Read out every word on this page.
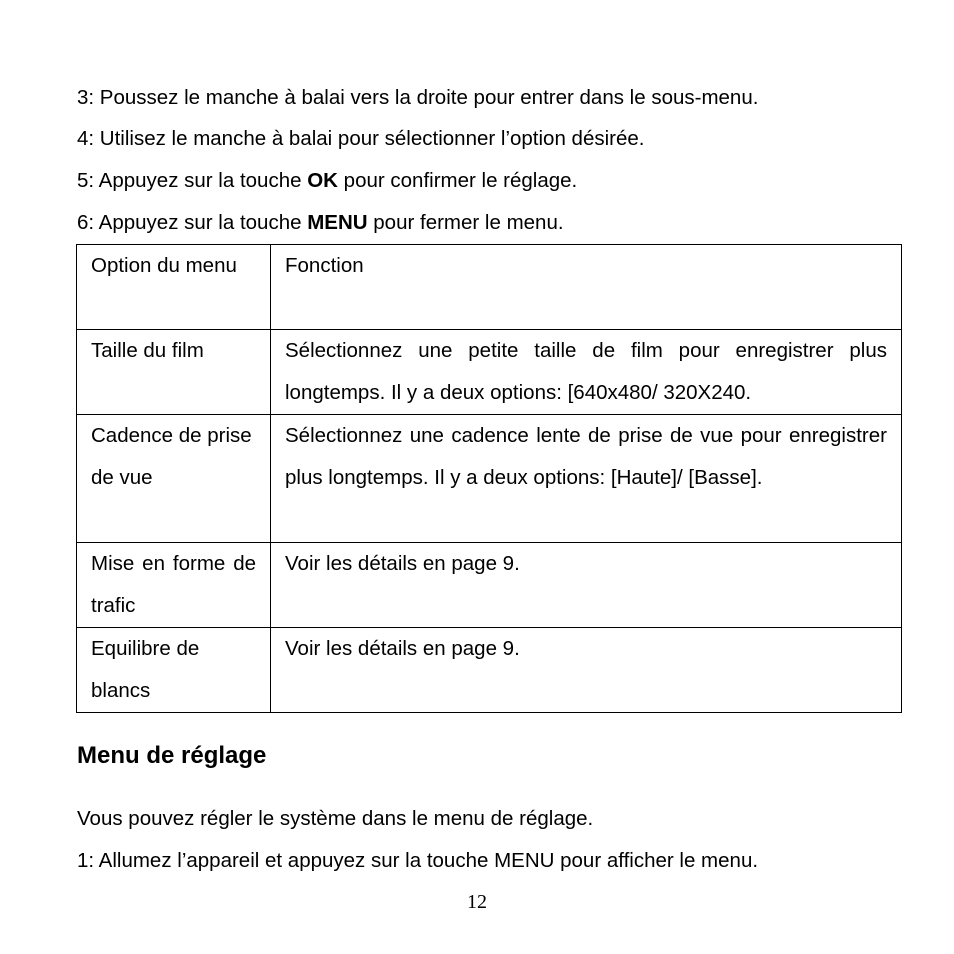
3: Poussez le manche à balai vers la droite pour entrer dans le sous-menu.
4: Utilisez le manche à balai pour sélectionner l’option désirée.
5: Appuyez sur la touche OK pour confirmer le réglage.
6: Appuyez sur la touche MENU pour fermer le menu.
Option du menu	Fonction
Taille du film	Sélectionnez une petite taille de film pour enregistrer plus longtemps. Il y a deux options: [640x480/ 320X240.
Cadence de prise de vue	Sélectionnez une cadence lente de prise de vue pour enregistrer plus longtemps. Il y a deux options: [Haute]/ [Basse].
Mise en forme de trafic	Voir les détails en page 9.
Equilibre de blancs	Voir les détails en page 9.
Menu de réglage
Vous pouvez régler le système dans le menu de réglage.
1: Allumez l’appareil et appuyez sur la touche MENU pour afficher le menu.
12
